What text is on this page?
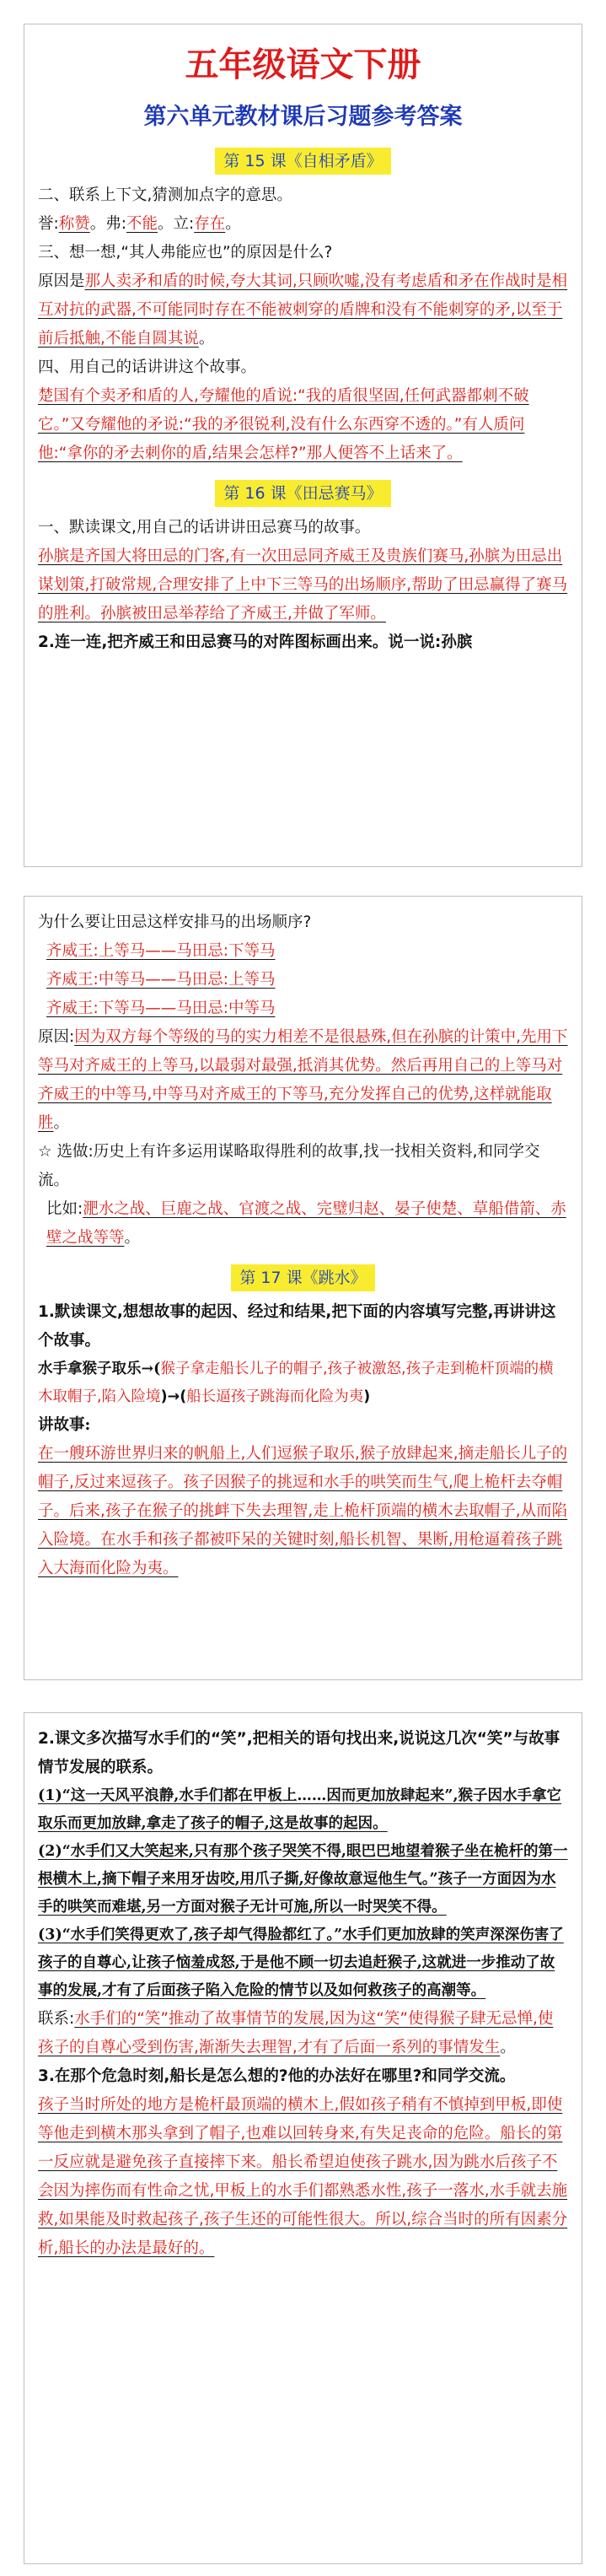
五年级语文下册
第六单元教材课后习题参考答案
第 15 课《自相矛盾》

二、联系上下文,猜测加点字的意思。

誉:称赞。弗:不能。立:存在。

三、想一想,“其人弗能应也”的原因是什么?

原因是那人卖矛和盾的时候,夸大其词,只顾吹嘘,没有考虑盾和矛在作战时是相互对抗的武器,不可能同时存在不能被刺穿的盾牌和没有不能刺穿的矛,以至于前后抵触,不能自圆其说。

四、用自己的话讲讲这个故事。

楚国有个卖矛和盾的人,夸耀他的盾说:“我的盾很坚固,任何武器都刺不破它。”又夸耀他的矛说:“我的矛很锐利,没有什么东西穿不透的。”有人质问他:“拿你的矛去刺你的盾,结果会怎样?”那人便答不上话来了。

第 16 课《田忌赛马》

一、默读课文,用自己的话讲讲田忌赛马的故事。

孙膑是齐国大将田忌的门客,有一次田忌同齐威王及贵族们赛马,孙膑为田忌出谋划策,打破常规,合理安排了上中下三等马的出场顺序,帮助了田忌赢得了赛马的胜利。孙膑被田忌举荐给了齐威王,并做了军师。

2.连一连,把齐威王和田忌赛马的对阵图标画出来。说一说:孙膑

为什么要让田忌这样安排马的出场顺序?

齐威王:上等马——马田忌:下等马

齐威王:中等马——马田忌:上等马

齐威王:下等马——马田忌:中等马

原因:因为双方每个等级的马的实力相差不是很悬殊,但在孙膑的计策中,先用下等马对齐威王的上等马,以最弱对最强,抵消其优势。然后再用自己的上等马对齐威王的中等马,中等马对齐威王的下等马,充分发挥自己的优势,这样就能取胜。

☆ 选做:历史上有许多运用谋略取得胜利的故事,找一找相关资料,和同学交流。

比如:淝水之战、巨鹿之战、官渡之战、完璧归赵、晏子使楚、草船借箭、赤壁之战等等。

第 17 课《跳水》

1.默读课文,想想故事的起因、经过和结果,把下面的内容填写完整,再讲讲这个故事。

水手拿猴子取乐→(猴子拿走船长儿子的帽子,孩子被激怒,孩子走到桅杆顶端的横木取帽子,陷入险境)→(船长逼孩子跳海而化险为夷)

讲故事:

在一艘环游世界归来的帆船上,人们逗猴子取乐,猴子放肆起来,摘走船长儿子的帽子,反过来逗孩子。孩子因猴子的挑逗和水手的哄笑而生气,爬上桅杆去夺帽子。后来,孩子在猴子的挑衅下失去理智,走上桅杆顶端的横木去取帽子,从而陷入险境。在水手和孩子都被吓呆的关键时刻,船长机智、果断,用枪逼着孩子跳入大海而化险为夷。

2.课文多次描写水手们的“笑”,把相关的语句找出来,说说这几次“笑”与故事情节发展的联系。

(1)“这一天风平浪静,水手们都在甲板上……因而更加放肆起来”,猴子因水手拿它取乐而更加放肆,拿走了孩子的帽子,这是故事的起因。

(2)“水手们又大笑起来,只有那个孩子哭笑不得,眼巴巴地望着猴子坐在桅杆的第一根横木上,摘下帽子来用牙齿咬,用爪子撕,好像故意逗他生气。”孩子一方面因为水手的哄笑而难堪,另一方面对猴子无计可施,所以一时哭笑不得。

(3)“水手们笑得更欢了,孩子却气得脸都红了。”水手们更加放肆的笑声深深伤害了孩子的自尊心,让孩子恼羞成怒,于是他不顾一切去追赶猴子,这就进一步推动了故事的发展,才有了后面孩子陷入危险的情节以及如何救孩子的高潮等。

联系:水手们的“笑”推动了故事情节的发展,因为这“笑”使得猴子肆无忌惮,使孩子的自尊心受到伤害,渐渐失去理智,才有了后面一系列的事情发生。

3.在那个危急时刻,船长是怎么想的?他的办法好在哪里?和同学交流。

孩子当时所处的地方是桅杆最顶端的横木上,假如孩子稍有不慎掉到甲板,即使等他走到横木那头拿到了帽子,也难以回转身来,有失足丧命的危险。船长的第一反应就是避免孩子直接摔下来。船长希望迫使孩子跳水,因为跳水后孩子不会因为摔伤而有性命之忧,甲板上的水手们都熟悉水性,孩子一落水,水手就去施救,如果能及时救起孩子,孩子生还的可能性很大。所以,综合当时的所有因素分析,船长的办法是最好的。
